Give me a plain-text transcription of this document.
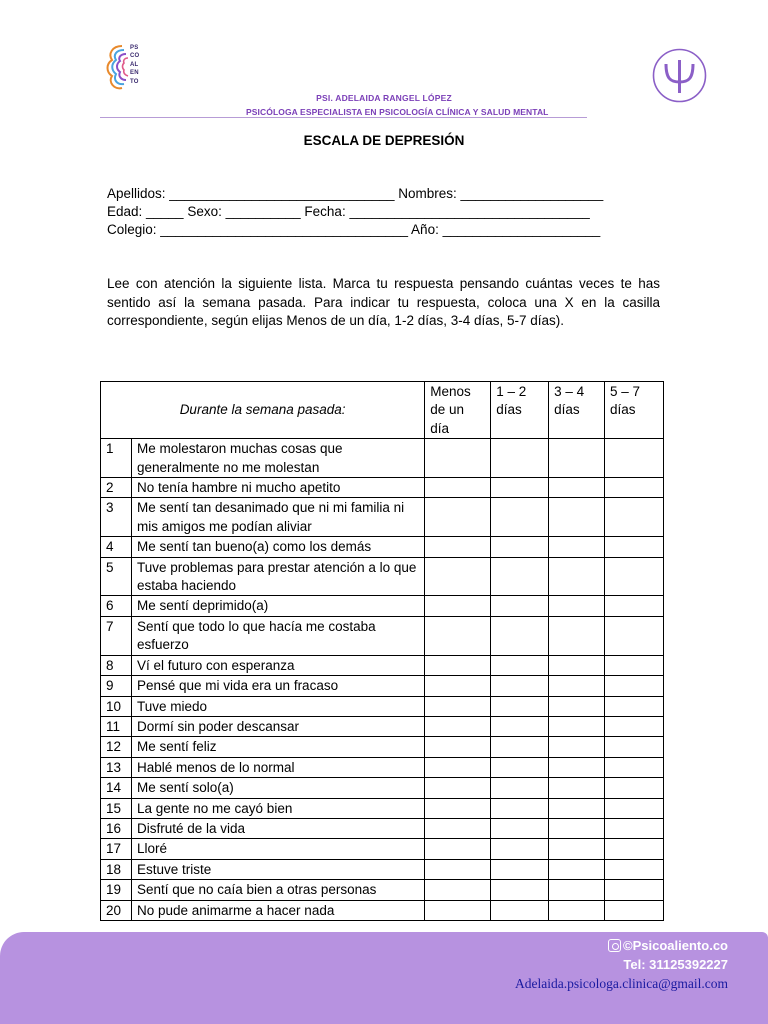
PS
CO
AL
EN
TO
PSI. ADELAIDA RANGEL LÓPEZ
PSICÓLOGA ESPECIALISTA EN PSICOLOGÍA CLÍNICA Y SALUD MENTAL
ESCALA DE DEPRESIÓN
Apellidos: ______________________________ Nombres: ___________________
Edad: _____ Sexo: __________ Fecha: ________________________________
Colegio: _________________________________ Año: _____________________
Lee con atención la siguiente lista. Marca tu respuesta pensando cuántas veces te has sentido así la semana pasada. Para indicar tu respuesta, coloca una X en la casilla correspondiente, según elijas Menos de un día, 1-2 días, 3-4 días, 5-7 días).
Durante la semana pasada:		Menos de un día	1 – 2 días	3 – 4 días	5 – 7 días
1	Me molestaron muchas cosas que generalmente no me molestan				
2	No tenía hambre ni mucho apetito				
3	Me sentí tan desanimado que ni mi familia ni mis amigos me podían aliviar				
4	Me sentí tan bueno(a) como los demás				
5	Tuve problemas para prestar atención a lo que estaba haciendo				
6	Me sentí deprimido(a)				
7	Sentí que todo lo que hacía me costaba esfuerzo				
8	Ví el futuro con esperanza				
9	Pensé que mi vida era un fracaso				
10	Tuve miedo				
11	Dormí sin poder descansar				
12	Me sentí feliz				
13	Hablé menos de lo normal				
14	Me sentí solo(a)				
15	La gente no me cayó bien				
16	Disfruté de la vida				
17	Lloré				
18	Estuve triste				
19	Sentí que no caía bien a otras personas				
20	No pude animarme a hacer nada				
©Psicoaliento.co
Tel: 31125392227
Adelaida.psicologa.clinica@gmail.com
